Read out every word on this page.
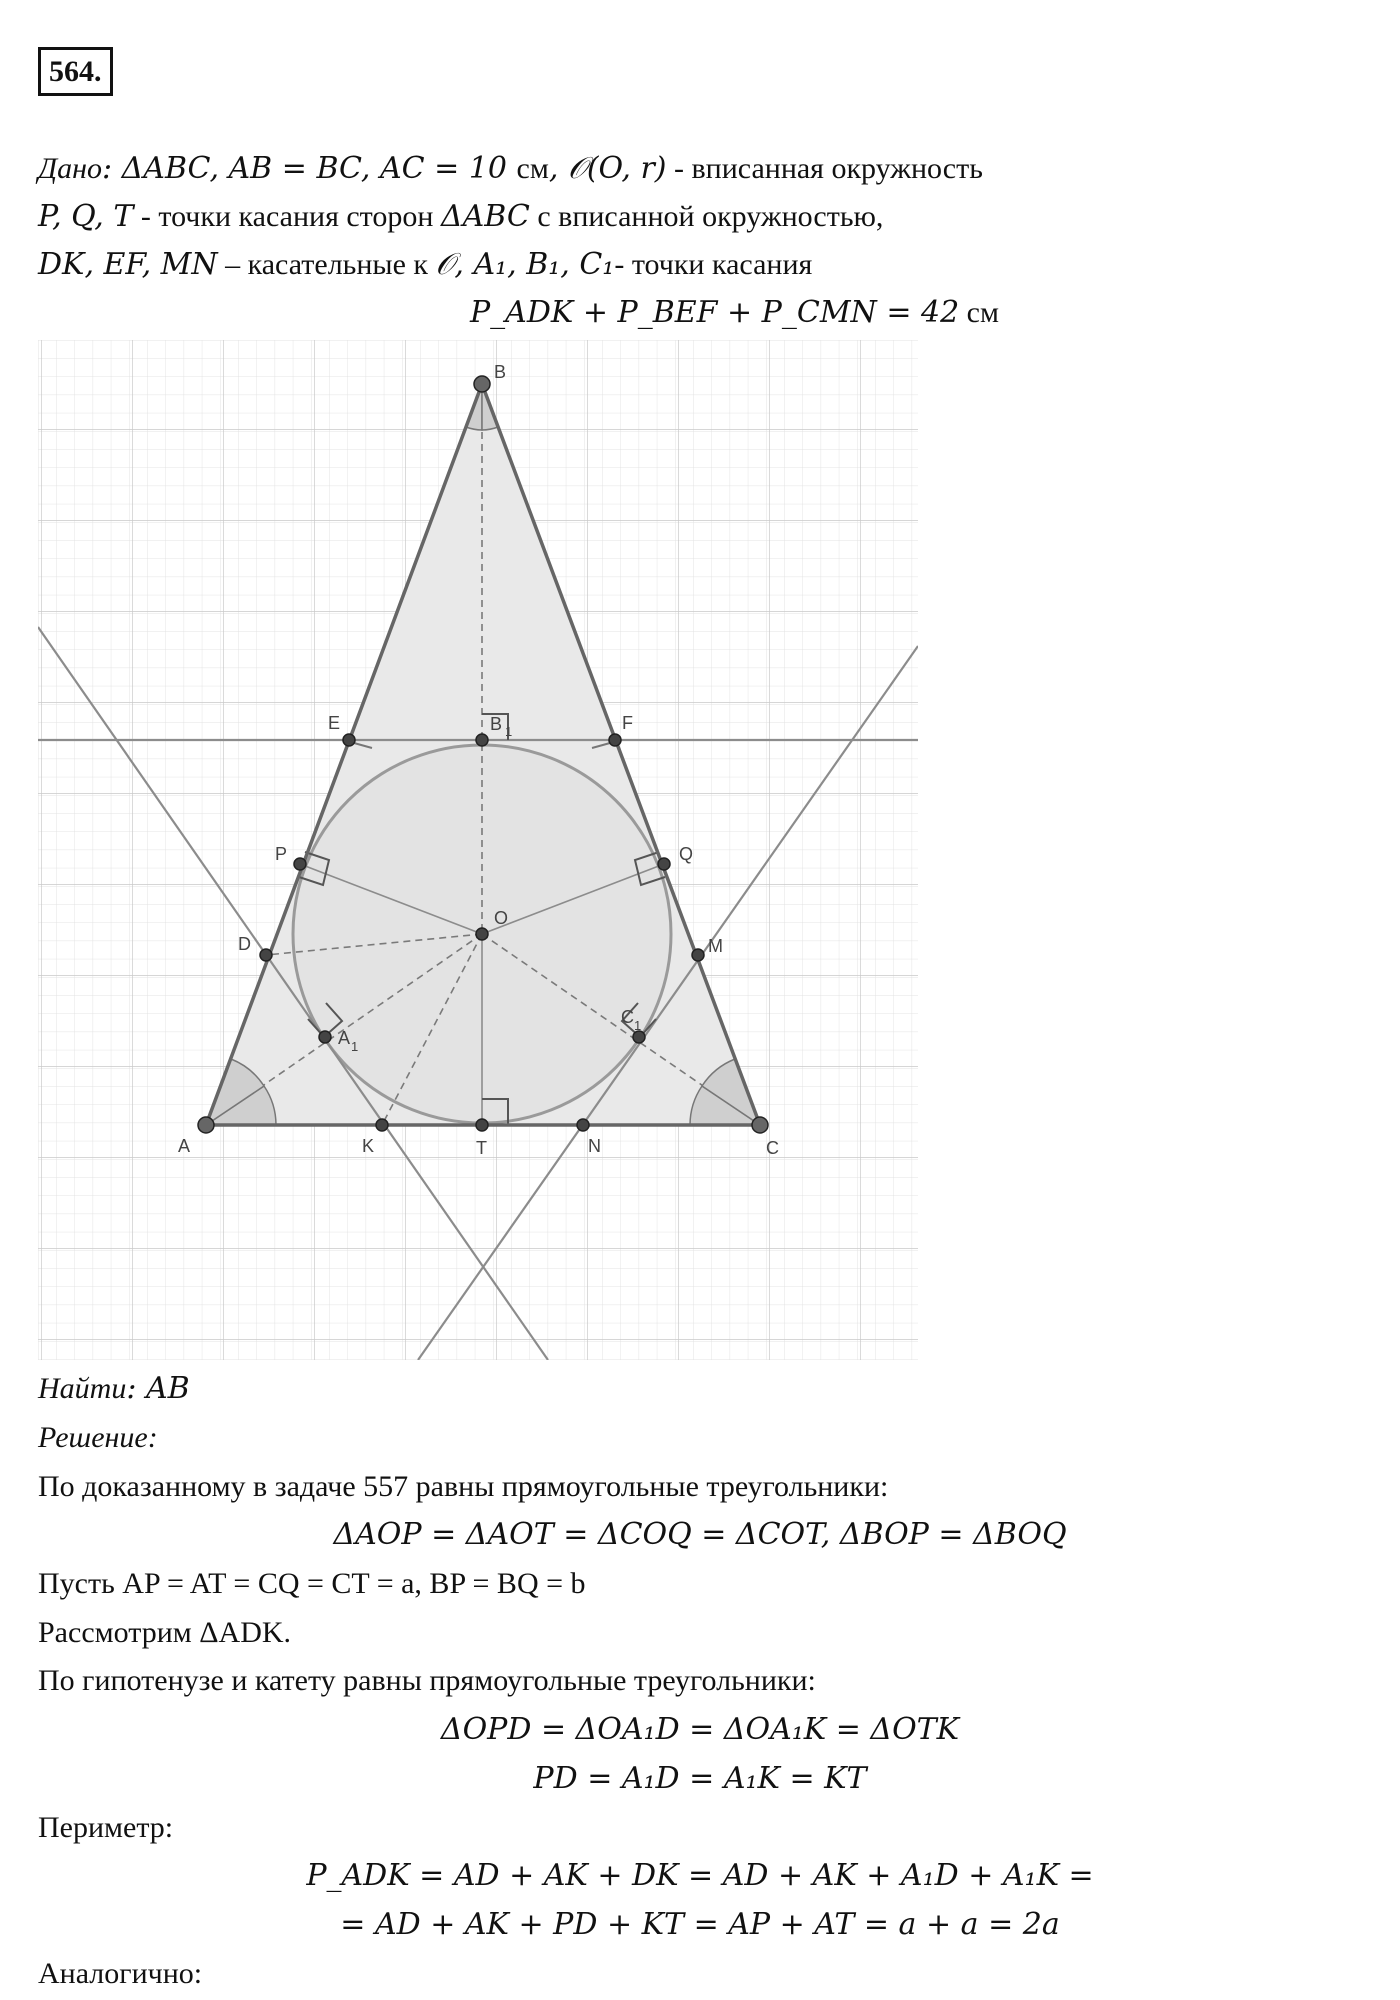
564.
Дано: ΔABC, AB = BC, AC = 10 см, 𝒪(O, r) - вписанная окружность
P, Q, T - точки касания сторон ΔABC с вписанной окружностью,
DK, EF, MN – касательные к 𝒪, A₁, B₁, C₁- точки касания
P_ADK + P_BEF + P_CMN = 42 см
B
B 1
E	F
P	Q
O
D	M
A 1
C 1
A	K	T	N	C
Найти: AB
Решение:
По доказанному в задаче 557 равны прямоугольные треугольники:
ΔAOP = ΔAOT = ΔCOQ = ΔCOT, ΔBOP = ΔBOQ
Пусть AP = AT = CQ = CT = a, BP = BQ = b
Рассмотрим ΔADK.
По гипотенузе и катету равны прямоугольные треугольники:
ΔOPD = ΔOA₁D = ΔOA₁K = ΔOTK
PD = A₁D = A₁K = KT
Периметр:
P_ADK = AD + AK + DK = AD + AK + A₁D + A₁K =
= AD + AK + PD + KT = AP + AT = a + a = 2a
Аналогично:
